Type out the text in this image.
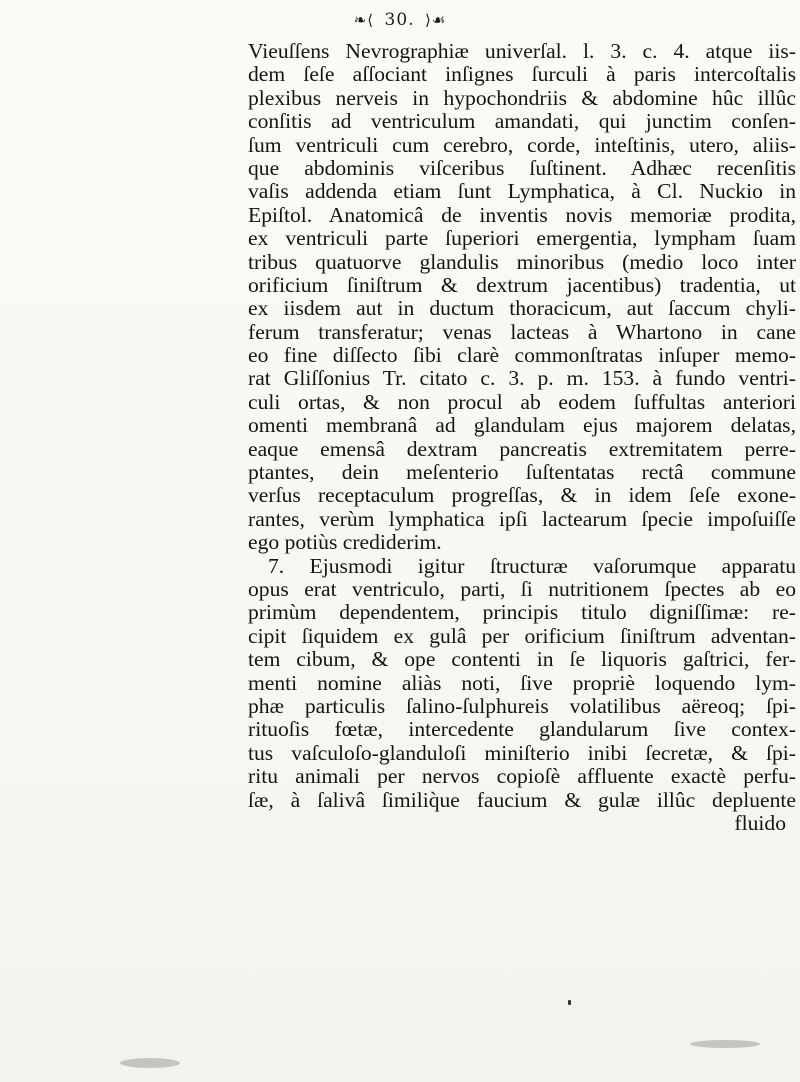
❧⟨ 30. ⟩☙
Vieuſſens Nevrographiæ univerſal. l. 3. c. 4. atque iis-
dem ſeſe aſſociant inſignes ſurculi à paris intercoſtalis
plexibus nerveis in hypochondriis & abdomine hûc illûc
conſitis ad ventriculum amandati, qui junctim conſen-
ſum ventriculi cum cerebro, corde, inteſtinis, utero, aliis-
que abdominis viſceribus ſuſtinent. Adhæc recenſitis
vaſis addenda etiam ſunt Lymphatica, à Cl. Nuckio in
Epiſtol. Anatomicâ de inventis novis memoriæ prodita,
ex ventriculi parte ſuperiori emergentia, lympham ſuam
tribus quatuorve glandulis minoribus (medio loco inter
orificium ſiniſtrum & dextrum jacentibus) tradentia, ut
ex iisdem aut in ductum thoracicum, aut ſaccum chyli-
ferum transferatur; venas lacteas à Whartono in cane
eo fine diſſecto ſibi clarè commonſtratas inſuper memo-
rat Gliſſonius Tr. citato c. 3. p. m. 153. à fundo ventri-
culi ortas, & non procul ab eodem ſuffultas anteriori
omenti membranâ ad glandulam ejus majorem delatas,
eaque emensâ dextram pancreatis extremitatem perre-
ptantes, dein meſenterio ſuſtentatas rectâ commune
verſus receptaculum progreſſas, & in idem ſeſe exone-
rantes, verùm lymphatica ipſi lactearum ſpecie impoſuiſſe
ego potiùs crediderim.
7. Ejusmodi igitur ſtructuræ vaſorumque apparatu
opus erat ventriculo, parti, ſi nutritionem ſpectes ab eo
primùm dependentem, principis titulo digniſſimæ: re-
cipit ſiquidem ex gulâ per orificium ſiniſtrum adventan-
tem cibum, & ope contenti in ſe liquoris gaſtrici, fer-
menti nomine aliàs noti, ſive propriè loquendo lym-
phæ particulis ſalino-ſulphureis volatilibus aëreoq; ſpi-
rituoſis fœtæ, intercedente glandularum ſive contex-
tus vaſculoſo-glanduloſi miniſterio inibi ſecretæ, & ſpi-
ritu animali per nervos copioſè affluente exactè perfu-
ſæ, à ſalivâ ſimiliq̀ue faucium & gulæ illûc depluente
fluido
